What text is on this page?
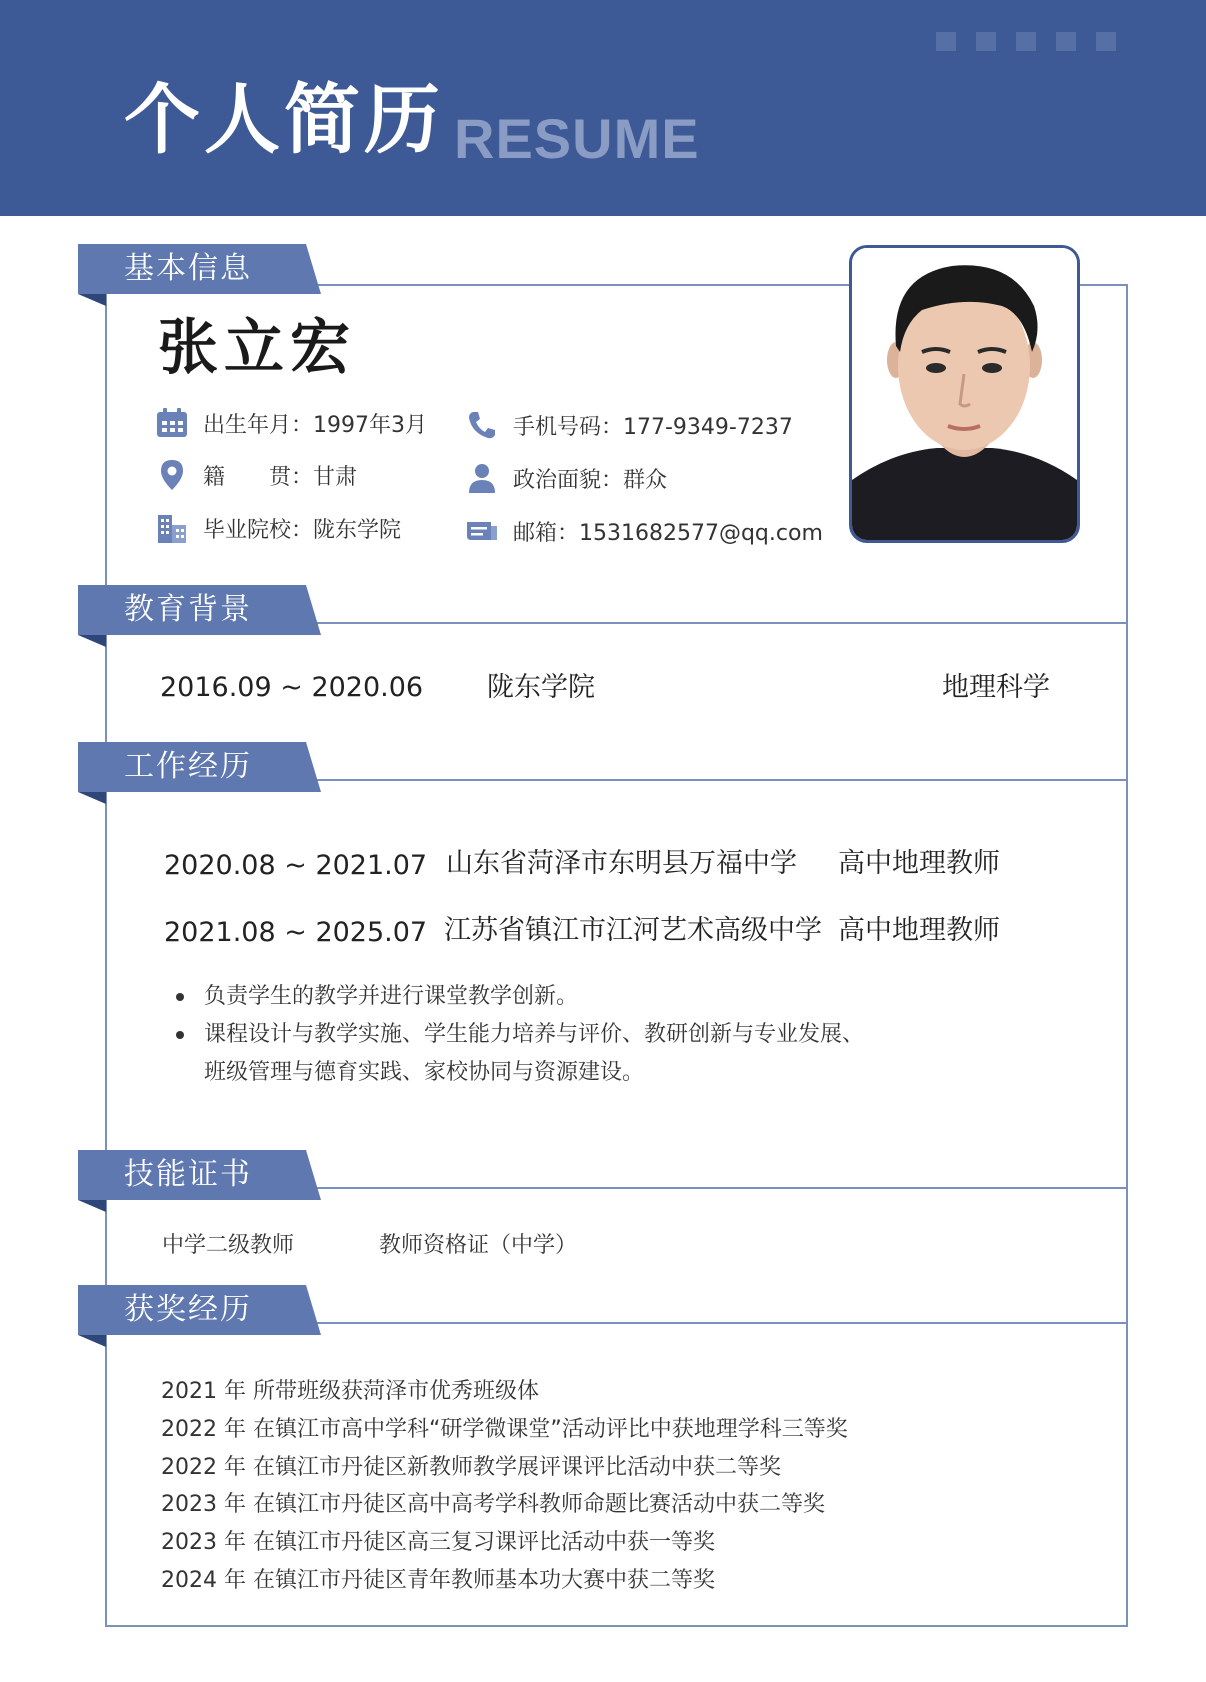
个人简历 RESUME
基本信息
教育背景
工作经历
技能证书
获奖经历
张立宏
出生年月：1997年3月	手机号码：177-9349-7237
籍　　贯：甘肃	政治面貌：群众
毕业院校：陇东学院	邮箱：1531682577@qq.com
2016.09 ~ 2020.06 陇东学院	地理科学
2020.08 ~ 2021.07 山东省菏泽市东明县万福中学 高中地理教师
2021.08 ~ 2025.07 江苏省镇江市江河艺术高级中学 高中地理教师
负责学生的教学并进行课堂教学创新。
课程设计与教学实施、学生能力培养与评价、教研创新与专业发展、班级管理与德育实践、家校协同与资源建设。
中学二级教师	教师资格证（中学）
2021 年 所带班级获菏泽市优秀班级体
2022 年 在镇江市高中学科“研学微课堂”活动评比中获地理学科三等奖
2022 年 在镇江市丹徒区新教师教学展评课评比活动中获二等奖
2023 年 在镇江市丹徒区高中高考学科教师命题比赛活动中获二等奖
2023 年 在镇江市丹徒区高三复习课评比活动中获一等奖
2024 年 在镇江市丹徒区青年教师基本功大赛中获二等奖
